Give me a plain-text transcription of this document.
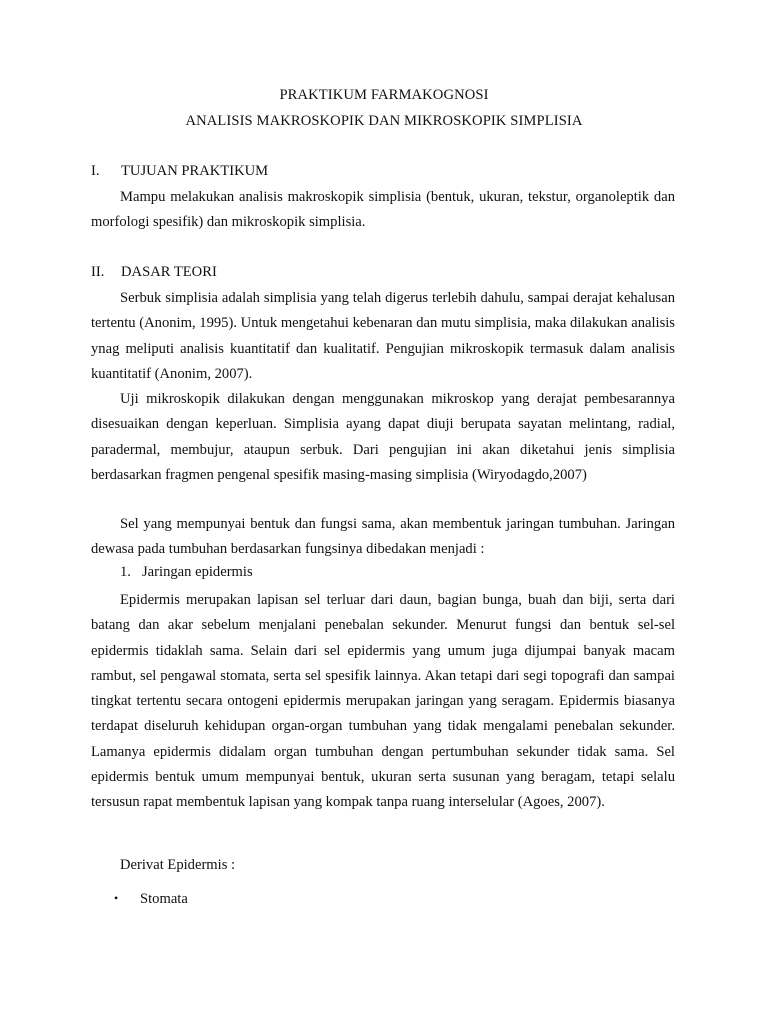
PRAKTIKUM FARMAKOGNOSI
ANALISIS MAKROSKOPIK DAN MIKROSKOPIK SIMPLISIA
I. TUJUAN PRAKTIKUM

Mampu melakukan analisis makroskopik simplisia (bentuk, ukuran, tekstur, organoleptik dan morfologi spesifik) dan mikroskopik simplisia.

II. DASAR TEORI

Serbuk simplisia adalah simplisia yang telah digerus terlebih dahulu, sampai derajat kehalusan tertentu (Anonim, 1995). Untuk mengetahui kebenaran dan mutu simplisia, maka dilakukan analisis ynag meliputi analisis kuantitatif dan kualitatif. Pengujian mikroskopik termasuk dalam analisis kuantitatif (Anonim, 2007).

Uji mikroskopik dilakukan dengan menggunakan mikroskop yang derajat pembesarannya disesuaikan dengan keperluan. Simplisia ayang dapat diuji berupata sayatan melintang, radial, paradermal, membujur, ataupun serbuk. Dari pengujian ini akan diketahui jenis simplisia berdasarkan fragmen pengenal spesifik masing-masing simplisia (Wiryodagdo,2007)

Sel yang mempunyai bentuk dan fungsi sama, akan membentuk jaringan tumbuhan. Jaringan dewasa pada tumbuhan berdasarkan fungsinya dibedakan menjadi :

1. Jaringan epidermis

Epidermis merupakan lapisan sel terluar dari daun, bagian bunga, buah dan biji, serta dari batang dan akar sebelum menjalani penebalan sekunder. Menurut fungsi dan bentuk sel-sel epidermis tidaklah sama. Selain dari sel epidermis yang umum juga dijumpai banyak macam rambut, sel pengawal stomata, serta sel spesifik lainnya. Akan tetapi dari segi topografi dan sampai tingkat tertentu secara ontogeni epidermis merupakan jaringan yang seragam. Epidermis biasanya terdapat diseluruh kehidupan organ-organ tumbuhan yang tidak mengalami penebalan sekunder. Lamanya epidermis didalam organ tumbuhan dengan pertumbuhan sekunder tidak sama. Sel epidermis bentuk umum mempunyai bentuk, ukuran serta susunan yang beragam, tetapi selalu tersusun rapat membentuk lapisan yang kompak tanpa ruang interselular (Agoes, 2007).

Derivat Epidermis :
• Stomata
